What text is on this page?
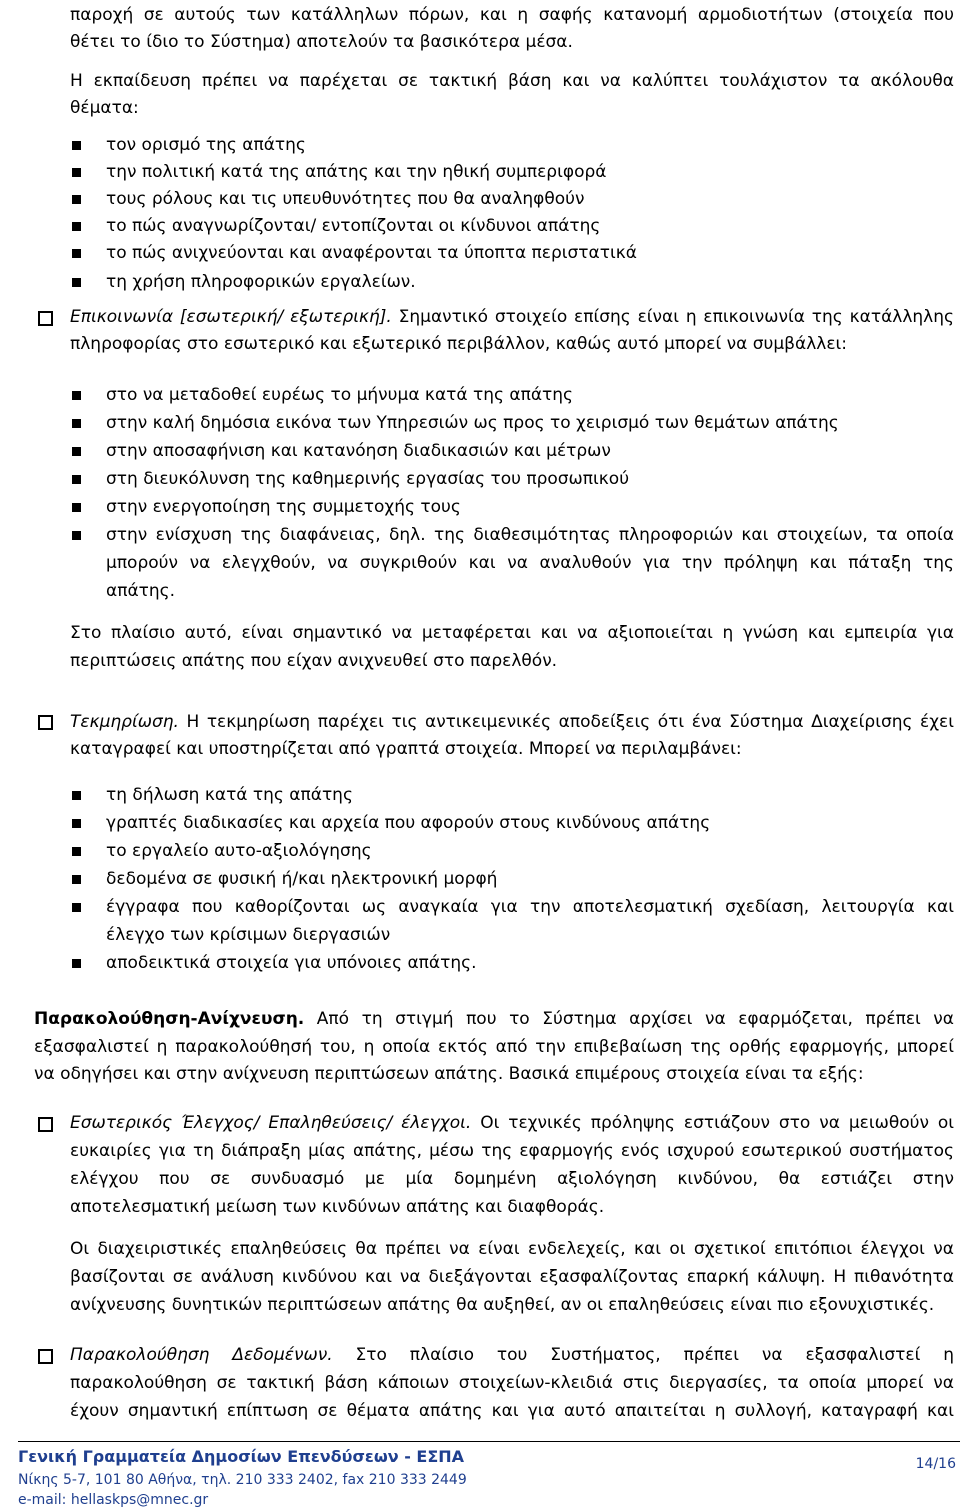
παροχή σε αυτούς των κατάλληλων πόρων, και η σαφής κατανομή αρμοδιοτήτων (στοιχεία που
θέτει το ίδιο το Σύστημα) αποτελούν τα βασικότερα μέσα.
Η εκπαίδευση πρέπει να παρέχεται σε τακτική βάση και να καλύπτει τουλάχιστον τα ακόλουθα
θέματα:
τον ορισμό της απάτης
την πολιτική κατά της απάτης και την ηθική συμπεριφορά
τους ρόλους και τις υπευθυνότητες που θα αναληφθούν
το πώς αναγνωρίζονται/ εντοπίζονται οι κίνδυνοι απάτης
το πώς ανιχνεύονται και αναφέρονται τα ύποπτα περιστατικά
τη χρήση πληροφορικών εργαλείων.
Επικοινωνία [εσωτερική/ εξωτερική]. Σημαντικό στοιχείο επίσης είναι η επικοινωνία της κατάλληλης
πληροφορίας στο εσωτερικό και εξωτερικό περιβάλλον, καθώς αυτό μπορεί να συμβάλλει:
στο να μεταδοθεί ευρέως το μήνυμα κατά της απάτης
στην καλή δημόσια εικόνα των Υπηρεσιών ως προς το χειρισμό των θεμάτων απάτης
στην αποσαφήνιση και κατανόηση διαδικασιών και μέτρων
στη διευκόλυνση της καθημερινής εργασίας του προσωπικού
στην ενεργοποίηση της συμμετοχής τους
στην ενίσχυση της διαφάνειας, δηλ. της διαθεσιμότητας πληροφοριών και στοιχείων, τα οποία
μπορούν να ελεγχθούν, να συγκριθούν και να αναλυθούν για την πρόληψη και πάταξη της
απάτης.
Στο πλαίσιο αυτό, είναι σημαντικό να μεταφέρεται και να αξιοποιείται η γνώση και εμπειρία για
περιπτώσεις απάτης που είχαν ανιχνευθεί στο παρελθόν.
Τεκμηρίωση. Η τεκμηρίωση παρέχει τις αντικειμενικές αποδείξεις ότι ένα Σύστημα Διαχείρισης έχει
καταγραφεί και υποστηρίζεται από γραπτά στοιχεία. Μπορεί να περιλαμβάνει:
τη δήλωση κατά της απάτης
γραπτές διαδικασίες και αρχεία που αφορούν στους κινδύνους απάτης
το εργαλείο αυτο-αξιολόγησης
δεδομένα σε φυσική ή/και ηλεκτρονική μορφή
έγγραφα που καθορίζονται ως αναγκαία για την αποτελεσματική σχεδίαση, λειτουργία και
έλεγχο των κρίσιμων διεργασιών
αποδεικτικά στοιχεία για υπόνοιες απάτης.
Παρακολούθηση-Ανίχνευση. Από τη στιγμή που το Σύστημα αρχίσει να εφαρμόζεται, πρέπει να
εξασφαλιστεί η παρακολούθησή του, η οποία εκτός από την επιβεβαίωση της ορθής εφαρμογής, μπορεί
να οδηγήσει και στην ανίχνευση περιπτώσεων απάτης. Βασικά επιμέρους στοιχεία είναι τα εξής:
Εσωτερικός Έλεγχος/ Επαληθεύσεις/ έλεγχοι. Οι τεχνικές πρόληψης εστιάζουν στο να μειωθούν οι
ευκαιρίες για τη διάπραξη μίας απάτης, μέσω της εφαρμογής ενός ισχυρού εσωτερικού συστήματος
ελέγχου που σε συνδυασμό με μία δομημένη αξιολόγηση κινδύνου, θα εστιάζει στην
αποτελεσματική μείωση των κινδύνων απάτης και διαφθοράς.
Οι διαχειριστικές επαληθεύσεις θα πρέπει να είναι ενδελεχείς, και οι σχετικοί επιτόπιοι έλεγχοι να
βασίζονται σε ανάλυση κινδύνου και να διεξάγονται εξασφαλίζοντας επαρκή κάλυψη. Η πιθανότητα
ανίχνευσης δυνητικών περιπτώσεων απάτης θα αυξηθεί, αν οι επαληθεύσεις είναι πιο εξονυχιστικές.
Παρακολούθηση Δεδομένων. Στο πλαίσιο του Συστήματος, πρέπει να εξασφαλιστεί η
παρακολούθηση σε τακτική βάση κάποιων στοιχείων-κλειδιά στις διεργασίες, τα οποία μπορεί να
έχουν σημαντική επίπτωση σε θέματα απάτης και για αυτό απαιτείται η συλλογή, καταγραφή και
Γενική Γραμματεία Δημοσίων Επενδύσεων - ΕΣΠΑ
Νίκης 5-7, 101 80 Αθήνα, τηλ. 210 333 2402, fax 210 333 2449
e-mail: hellaskps@mnec.gr
14/16
